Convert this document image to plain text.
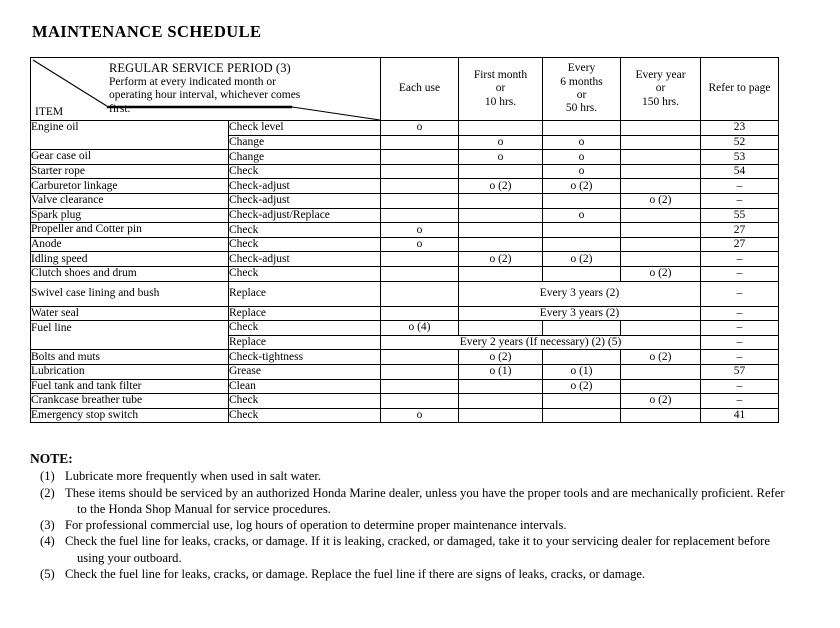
MAINTENANCE SCHEDULE
REGULAR SERVICE PERIOD (3)
Perform at every indicated month or
operating hour interval, whichever comes
first.
ITEM
	Each use	
First month
or
10 hrs.

Every
6 months
or
50 hrs.

Every year
or
150 hrs.
	Refer to page
Engine oil	Check level	o				23
	Change		o	o		52
Gear case oil	Change		o	o		53
Starter rope	Check			o		54
Carburetor linkage	Check-adjust		o (2)	o (2)		–
Valve clearance	Check-adjust				o (2)	–
Spark plug	Check-adjust/Replace			o		55
Propeller and Cotter pin	Check	o				27
Anode	Check	o				27
Idling speed	Check-adjust		o (2)	o (2)		–
Clutch shoes and drum	Check				o (2)	–
Swivel case lining and bush	Replace		Every 3 years (2)			–
Water seal	Replace		Every 3 years (2)			–
Fuel line	Check	o (4)				–
	Replace	Every 2 years (If necessary) (2) (5)				–
Bolts and muts	Check-tightness		o (2)		o (2)	–
Lubrication	Grease		o (1)	o (1)		57
Fuel tank and tank filter	Clean			o (2)		–
Crankcase breather tube	Check				o (2)	–
Emergency stop switch	Check	o				41
NOTE:
(1) Lubricate more frequently when used in salt water.
(2) These items should be serviced by an authorized Honda Marine dealer, unless you have the proper tools and are mechanically proficient. Refer
to the Honda Shop Manual for service procedures.
(3) For professional commercial use, log hours of operation to determine proper maintenance intervals.
(4) Check the fuel line for leaks, cracks, or damage. If it is leaking, cracked, or damaged, take it to your servicing dealer for replacement before
using your outboard.
(5) Check the fuel line for leaks, cracks, or damage. Replace the fuel line if there are signs of leaks, cracks, or damage.
